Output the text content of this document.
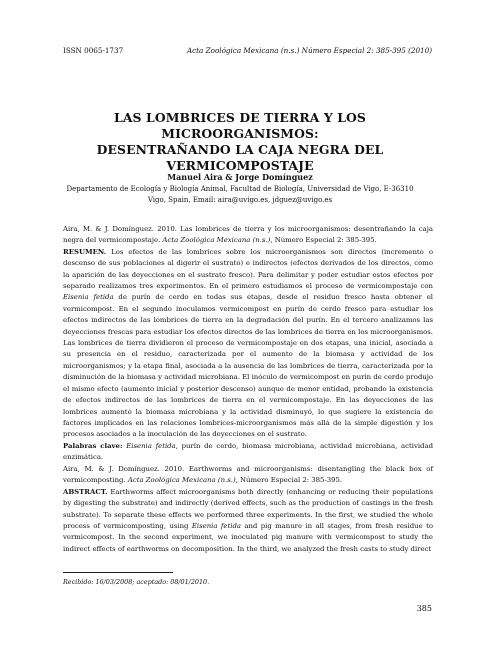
ISSN 0065-1737	Acta Zoológica Mexicana (n.s.) Número Especial 2: 385-395 (2010)
LAS LOMBRICES DE TIERRA Y LOS MICROORGANISMOS:
DESENTRAÑANDO LA CAJA NEGRA DEL
VERMICOMPOSTAJE
Manuel Aira & Jorge Domínguez
Departamento de Ecología y Biología Animal, Facultad de Biología, Universidad de Vigo, E-36310
Vigo, Spain, Email: aira@uvigo.es, jdguez@uvigo.es

Aira, M. & J. Domínguez. 2010. Las lombrices de tierra y los microorganismos: desentrañando la caja negra del vermicompostaje. Acta Zoológica Mexicana (n.s.), Número Especial 2: 385-395.

RESUMEN. Los efectos de las lombrices sobre los microorganismos son directos (incremento o descenso de sus poblaciones al digerir el sustrato) e indirectos (efectos derivados de los directos, como la aparición de las deyecciones en el sustrato fresco). Para delimitar y poder estudiar estos efectos por separado realizamos tres experimentos. En el primero estudiamos el proceso de vermicompostaje con Eisenia fetida de purín de cerdo en todas sus etapas, desde el residuo fresco hasta obtener el vermicompost. En el segundo inoculamos vermicompost en purín de cerdo fresco para estudiar los efectos indirectos de las lombrices de tierra en la degradación del purín. En el tercero analizamos las deyecciones frescas para estudiar los efectos directos de las lombrices de tierra en los microorganismos. Las lombrices de tierra dividieron el proceso de vermicompostaje en dos etapas, una inicial, asociada a su presencia en el residuo, caracterizada por el aumento de la biomasa y actividad de los microorganismos; y la etapa final, asociada a la ausencia de las lombrices de tierra, caracterizada por la disminución de la biomasa y actividad microbiana. El inóculo de vermicompost en purín de cerdo produjo el mismo efecto (aumento inicial y posterior descenso) aunque de menor entidad, probando la existencia de efectos indirectos de las lombrices de tierra en el vermicompostaje. En las deyecciones de las lombrices aumentó la biomasa microbiana y la actividad disminuyó, lo que sugiere la existencia de factores implicados en las relaciones lombrices-microorganismos más allá de la simple digestión y los procesos asociados a la inoculación de las deyecciones en el sustrato.

Palabras clave: Eisenia fetida, purín de cerdo, biomasa microbiana, actividad microbiana, actividad enzimática.

Aira, M. & J. Domínguez. 2010. Earthworms and microorganisms: disentangling the black box of vermicomposting. Acta Zoológica Mexicana (n.s.), Número Especial 2: 385-395.

ABSTRACT. Earthworms affect microorganisms both directly (enhancing or reducing their populations by digesting the substrate) and indirectly (derived effects, such as the production of castings in the fresh substrate). To separate these effects we performed three experiments. In the first, we studied the whole process of vermicomposting, using Eisenia fetida and pig manure in all stages, from fresh residue to vermicompost. In the second experiment, we inoculated pig manure with vermicompost to study the indirect effects of earthworms on decomposition. In the third, we analyzed the fresh casts to study direct

Recibido: 16/03/2008; aceptado: 08/01/2010.
385
